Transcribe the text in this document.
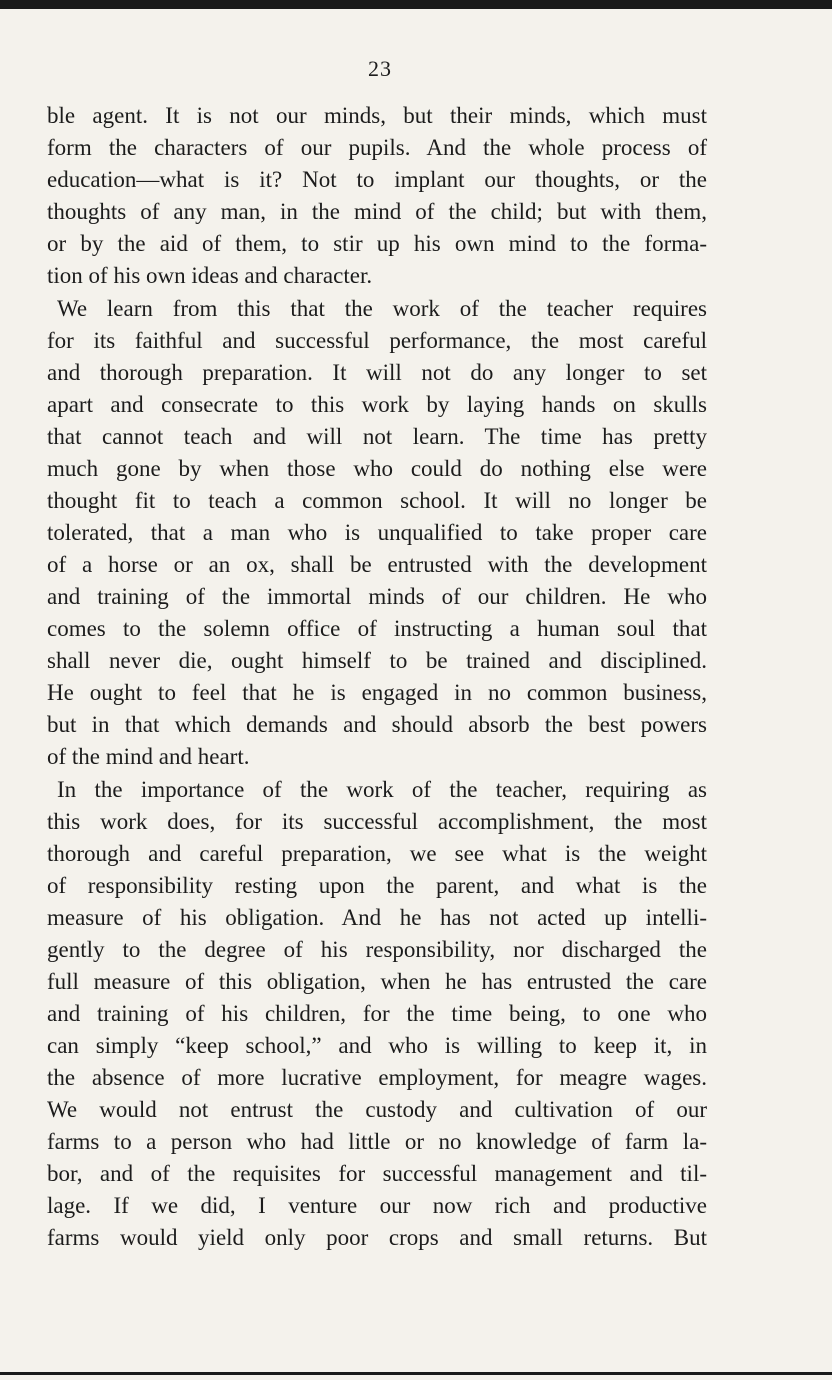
23
ble agent. It is not our minds, but their minds, which must
form the characters of our pupils. And the whole process of
education—what is it? Not to implant our thoughts, or the
thoughts of any man, in the mind of the child; but with them,
or by the aid of them, to stir up his own mind to the forma-
tion of his own ideas and character.
We learn from this that the work of the teacher requires
for its faithful and successful performance, the most careful
and thorough preparation. It will not do any longer to set
apart and consecrate to this work by laying hands on skulls
that cannot teach and will not learn. The time has pretty
much gone by when those who could do nothing else were
thought fit to teach a common school. It will no longer be
tolerated, that a man who is unqualified to take proper care
of a horse or an ox, shall be entrusted with the development
and training of the immortal minds of our children. He who
comes to the solemn office of instructing a human soul that
shall never die, ought himself to be trained and disciplined.
He ought to feel that he is engaged in no common business,
but in that which demands and should absorb the best powers
of the mind and heart.
In the importance of the work of the teacher, requiring as
this work does, for its successful accomplishment, the most
thorough and careful preparation, we see what is the weight
of responsibility resting upon the parent, and what is the
measure of his obligation. And he has not acted up intelli-
gently to the degree of his responsibility, nor discharged the
full measure of this obligation, when he has entrusted the care
and training of his children, for the time being, to one who
can simply “keep school,” and who is willing to keep it, in
the absence of more lucrative employment, for meagre wages.
We would not entrust the custody and cultivation of our
farms to a person who had little or no knowledge of farm la-
bor, and of the requisites for successful management and til-
lage. If we did, I venture our now rich and productive
farms would yield only poor crops and small returns. But
